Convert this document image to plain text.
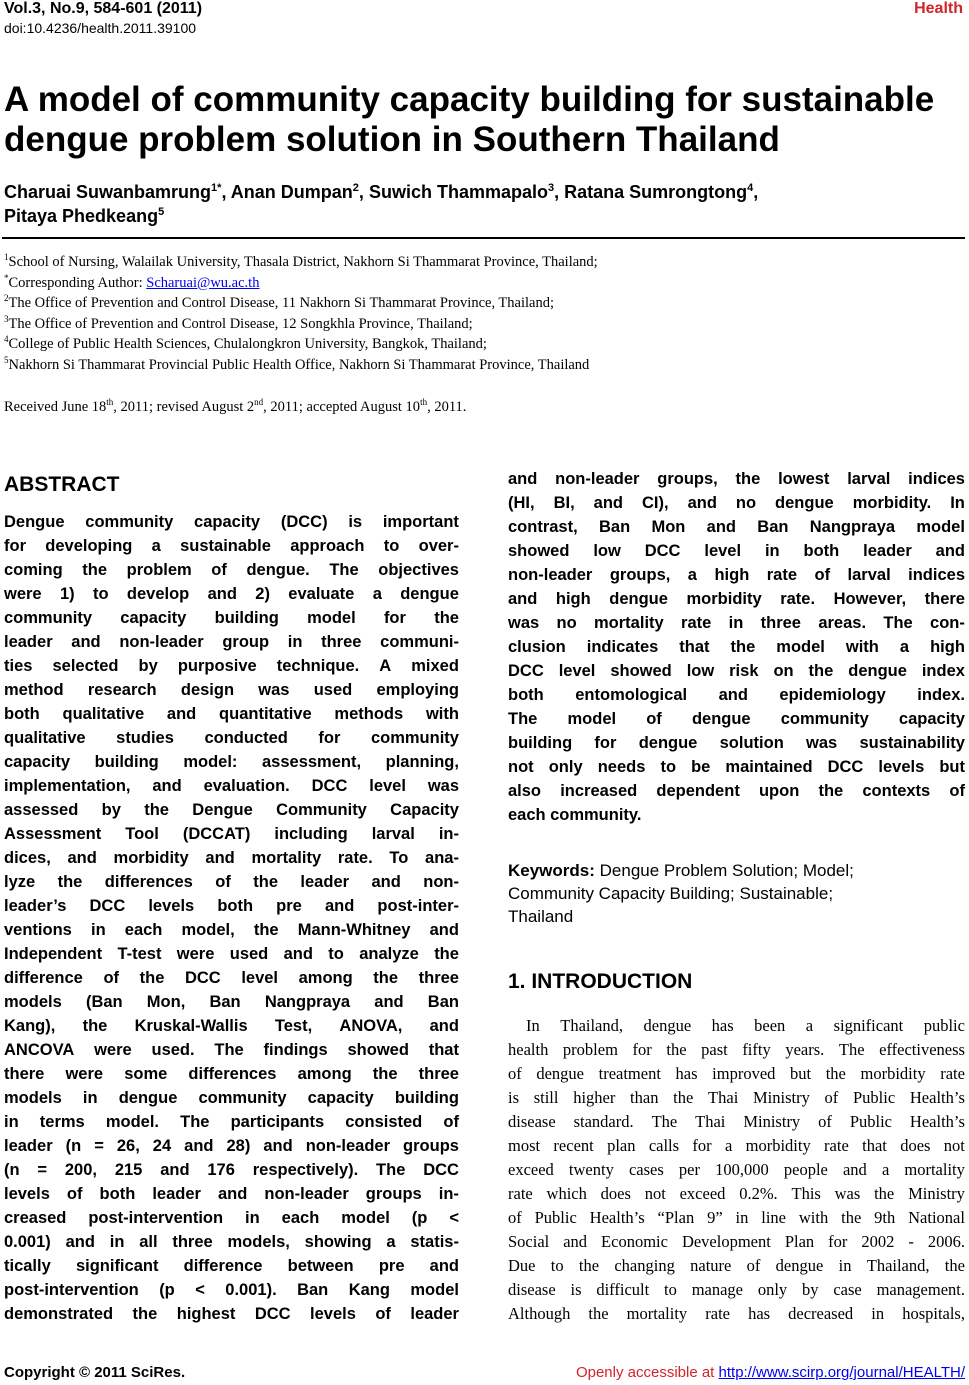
Vol.3, No.9, 584-601 (2011)
doi:10.4236/health.2011.39100
Health
A model of community capacity building for sustainable
dengue problem solution in Southern Thailand
Charuai Suwanbamrung$^{1*}$, Anan Dumpan$^2$, Suwich Thammapalo$^3$, Ratana Sumrongtong$^4$,
Pitaya Phedkeang$^5$
$^1$School of Nursing, Walailak University, Thasala District, Nakhorn Si Thammarat Province, Thailand;
*Corresponding Author: Scharuai@wu.ac.th
$^2$The Office of Prevention and Control Disease, 11 Nakhorn Si Thammarat Province, Thailand;
$^3$The Office of Prevention and Control Disease, 12 Songkhla Province, Thailand;
$^4$College of Public Health Sciences, Chulalongkron University, Bangkok, Thailand;
$^5$Nakhorn Si Thammarat Provincial Public Health Office, Nakhorn Si Thammarat Province, Thailand
Received June 18th, 2011; revised August 2nd, 2011; accepted August 10th, 2011.
ABSTRACT
Dengue community capacity (DCC) is important
for developing a sustainable approach to over-
coming the problem of dengue. The objectives
were 1) to develop and 2) evaluate a dengue
community capacity building model for the
leader and non-leader group in three communi-
ties selected by purposive technique. A mixed
method research design was used employing
both qualitative and quantitative methods with
qualitative studies conducted for community
capacity building model: assessment, planning,
implementation, and evaluation. DCC level was
assessed by the Dengue Community Capacity
Assessment Tool (DCCAT) including larval in-
dices, and morbidity and mortality rate. To ana-
lyze the differences of the leader and non-
leader’s DCC levels both pre and post-inter-
ventions in each model, the Mann-Whitney and
Independent T-test were used and to analyze the
difference of the DCC level among the three
models (Ban Mon, Ban Nangpraya and Ban
Kang), the Kruskal-Wallis Test, ANOVA, and
ANCOVA were used. The findings showed that
there were some differences among the three
models in dengue community capacity building
in terms model. The participants consisted of
leader (n = 26, 24 and 28) and non-leader groups
(n = 200, 215 and 176 respectively). The DCC
levels of both leader and non-leader groups in-
creased post-intervention in each model (p <
0.001) and in all three models, showing a statis-
tically significant difference between pre and
post-intervention (p < 0.001). Ban Kang model
demonstrated the highest DCC levels of leader
and non-leader groups, the lowest larval indices
(HI, BI, and CI), and no dengue morbidity. In
contrast, Ban Mon and Ban Nangpraya model
showed low DCC level in both leader and
non-leader groups, a high rate of larval indices
and high dengue morbidity rate. However, there
was no mortality rate in three areas. The con-
clusion indicates that the model with a high
DCC level showed low risk on the dengue index
both entomological and epidemiology index.
The model of dengue community capacity
building for dengue solution was sustainability
not only needs to be maintained DCC levels but
also increased dependent upon the contexts of
each community.
Keywords: Dengue Problem Solution; Model;
Community Capacity Building; Sustainable;
Thailand
1. INTRODUCTION
In Thailand, dengue has been a significant public
health problem for the past fifty years. The effectiveness
of dengue treatment has improved but the morbidity rate
is still higher than the Thai Ministry of Public Health’s
disease standard. The Thai Ministry of Public Health’s
most recent plan calls for a morbidity rate that does not
exceed twenty cases per 100,000 people and a mortality
rate which does not exceed 0.2%. This was the Ministry
of Public Health’s “Plan 9” in line with the 9th National
Social and Economic Development Plan for 2002 - 2006.
Due to the changing nature of dengue in Thailand, the
disease is difficult to manage only by case management.
Although the mortality rate has decreased in hospitals,
Copyright © 2011 SciRes.	Openly accessible at http://www.scirp.org/journal/HEALTH/
